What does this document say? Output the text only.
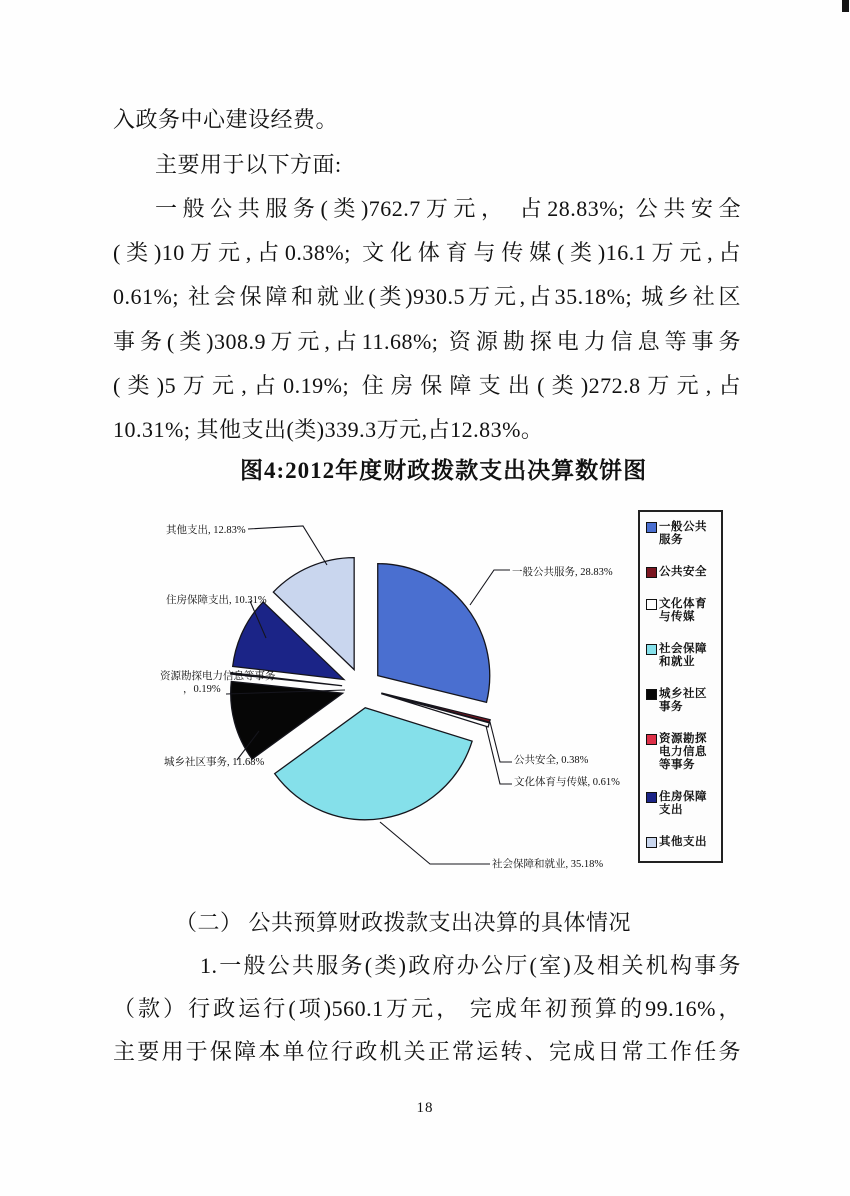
入政务中心建设经费。
主要用于以下方面:
一般公共服务(类)762.7万元， 占28.83%; 公共安全
(类)10万元,占0.38%; 文化体育与传媒(类)16.1万元,占
0.61%; 社会保障和就业(类)930.5万元,占35.18%; 城乡社区
事务(类)308.9万元,占11.68%; 资源勘探电力信息等事务
(类)5万元,占0.19%; 住房保障支出(类)272.8万元,占
10.31%; 其他支出(类)339.3万元,占12.83%。
图4:2012年度财政拨款支出决算数饼图
其他支出, 12.83%
住房保障支出, 10.31%
资源勘探电力信息等事务
，0.19%
城乡社区事务, 11.68%
一般公共服务, 28.83%
公共安全, 0.38%
文化体育与传媒, 0.61%
社会保障和就业, 35.18%
一般公共服务
公共安全
文化体育与传媒
社会保障和就业
城乡社区事务
资源勘探电力信息等事务
住房保障支出
其他支出
（二） 公共预算财政拨款支出决算的具体情况
1.一般公共服务(类)政府办公厅(室)及相关机构事务
（款）行政运行(项)560.1万元， 完成年初预算的99.16%，
主要用于保障本单位行政机关正常运转、完成日常工作任务
18
